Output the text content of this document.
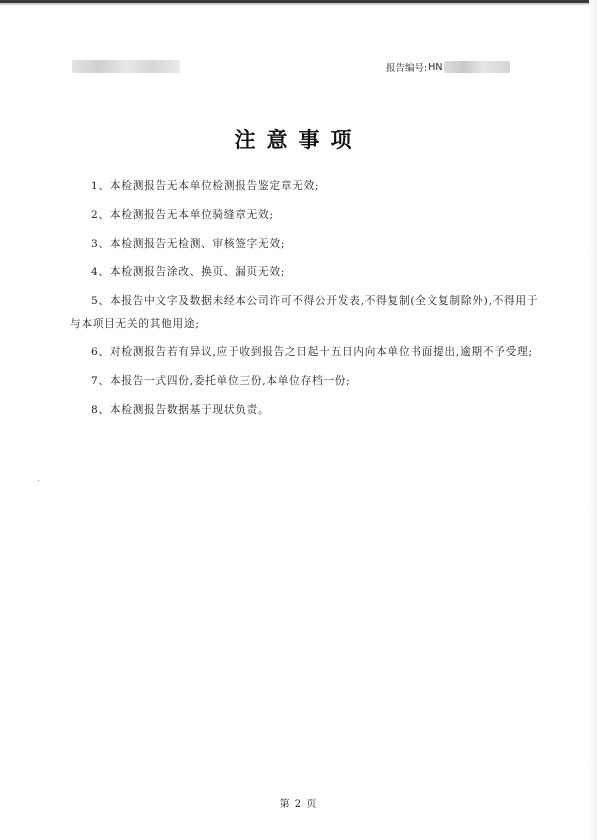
报告编号: HN
注意事项

1、本检测报告无本单位检测报告鉴定章无效;

2、本检测报告无本单位骑缝章无效;

3、本检测报告无检测、审核签字无效;

4、本检测报告涂改、换页、漏页无效;

5、本报告中文字及数据未经本公司许可不得公开发表,不得复制(全文复制除外),不得用于与本项目无关的其他用途;

6、对检测报告若有异议,应于收到报告之日起十五日内向本单位书面提出,逾期不予受理;

7、本报告一式四份,委托单位三份,本单位存档一份;

8、本检测报告数据基于现状负责。

第 2 页
